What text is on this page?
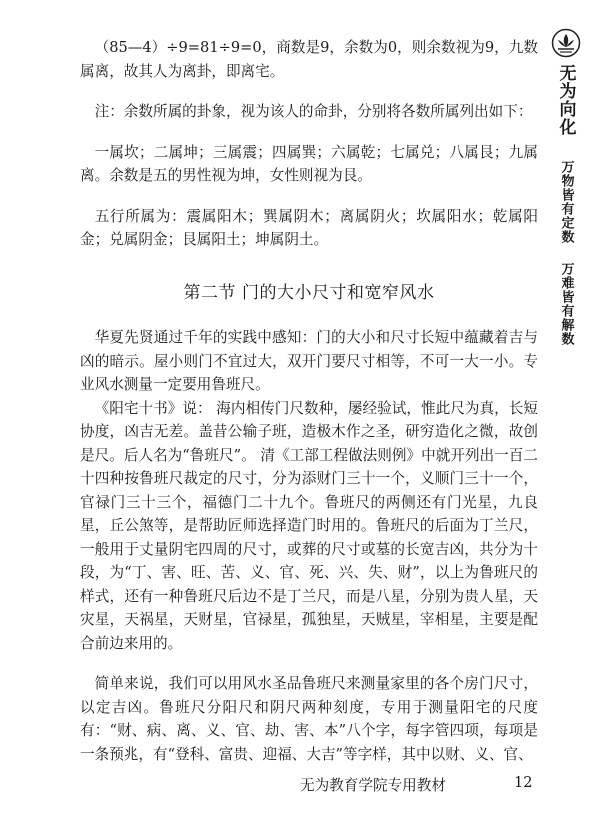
（85—4）÷9=81÷9=0，商数是9，余数为0，则余数视为9，九数属离，故其人为离卦，即离宅。

注：余数所属的卦象，视为该人的命卦，分别将各数所属列出如下：

一属坎；二属坤；三属震；四属巽；六属乾；七属兑；八属艮；九属离。余数是五的男性视为坤，女性则视为艮。

五行所属为：震属阳木；巽属阴木；离属阴火；坎属阳水；乾属阳金；兑属阴金；艮属阳土；坤属阴土。

第二节 门的大小尺寸和宽窄风水

华夏先贤通过千年的实践中感知：门的大小和尺寸长短中蕴藏着吉与凶的暗示。屋小则门不宜过大，双开门要尺寸相等，不可一大一小。专业风水测量一定要用鲁班尺。

《阳宅十书》说： 海内相传门尺数种，屡经验试，惟此尺为真，长短协度，凶吉无差。盖昔公输子班，造极木作之圣，研穷造化之微，故创是尺。后人名为“鲁班尺”。 清《工部工程做法则例》中就开列出一百二十四种按鲁班尺裁定的尺寸，分为添财门三十一个，义顺门三十一个，官禄门三十三个，福德门二十九个。鲁班尺的两侧还有门光星，九良星，丘公煞等，是帮助匠师选择造门时用的。鲁班尺的后面为丁兰尺，一般用于丈量阴宅四周的尺寸，或葬的尺寸或墓的长宽吉凶，共分为十段，为“丁、害、旺、苦、义、官、死、兴、失、财”，以上为鲁班尺的样式，还有一种鲁班尺后边不是丁兰尺，而是八星，分别为贵人星，天灾星，天祸星，天财星，官禄星，孤独星，天贼星，宰相星，主要是配合前边来用的。

简单来说，我们可以用风水圣品鲁班尺来测量家里的各个房门尺寸，以定吉凶。鲁班尺分阳尺和阴尺两种刻度，专用于测量阳宅的尺度有：“财、病、离、义、官、劫、害、本”八个字，每字管四项，每项是一条预兆，有“登科、富贵、迎福、大吉”等字样，其中以财、义、官、

无为向化
万物皆有定数
万难皆有解数
无为教育学院专用教材	12
